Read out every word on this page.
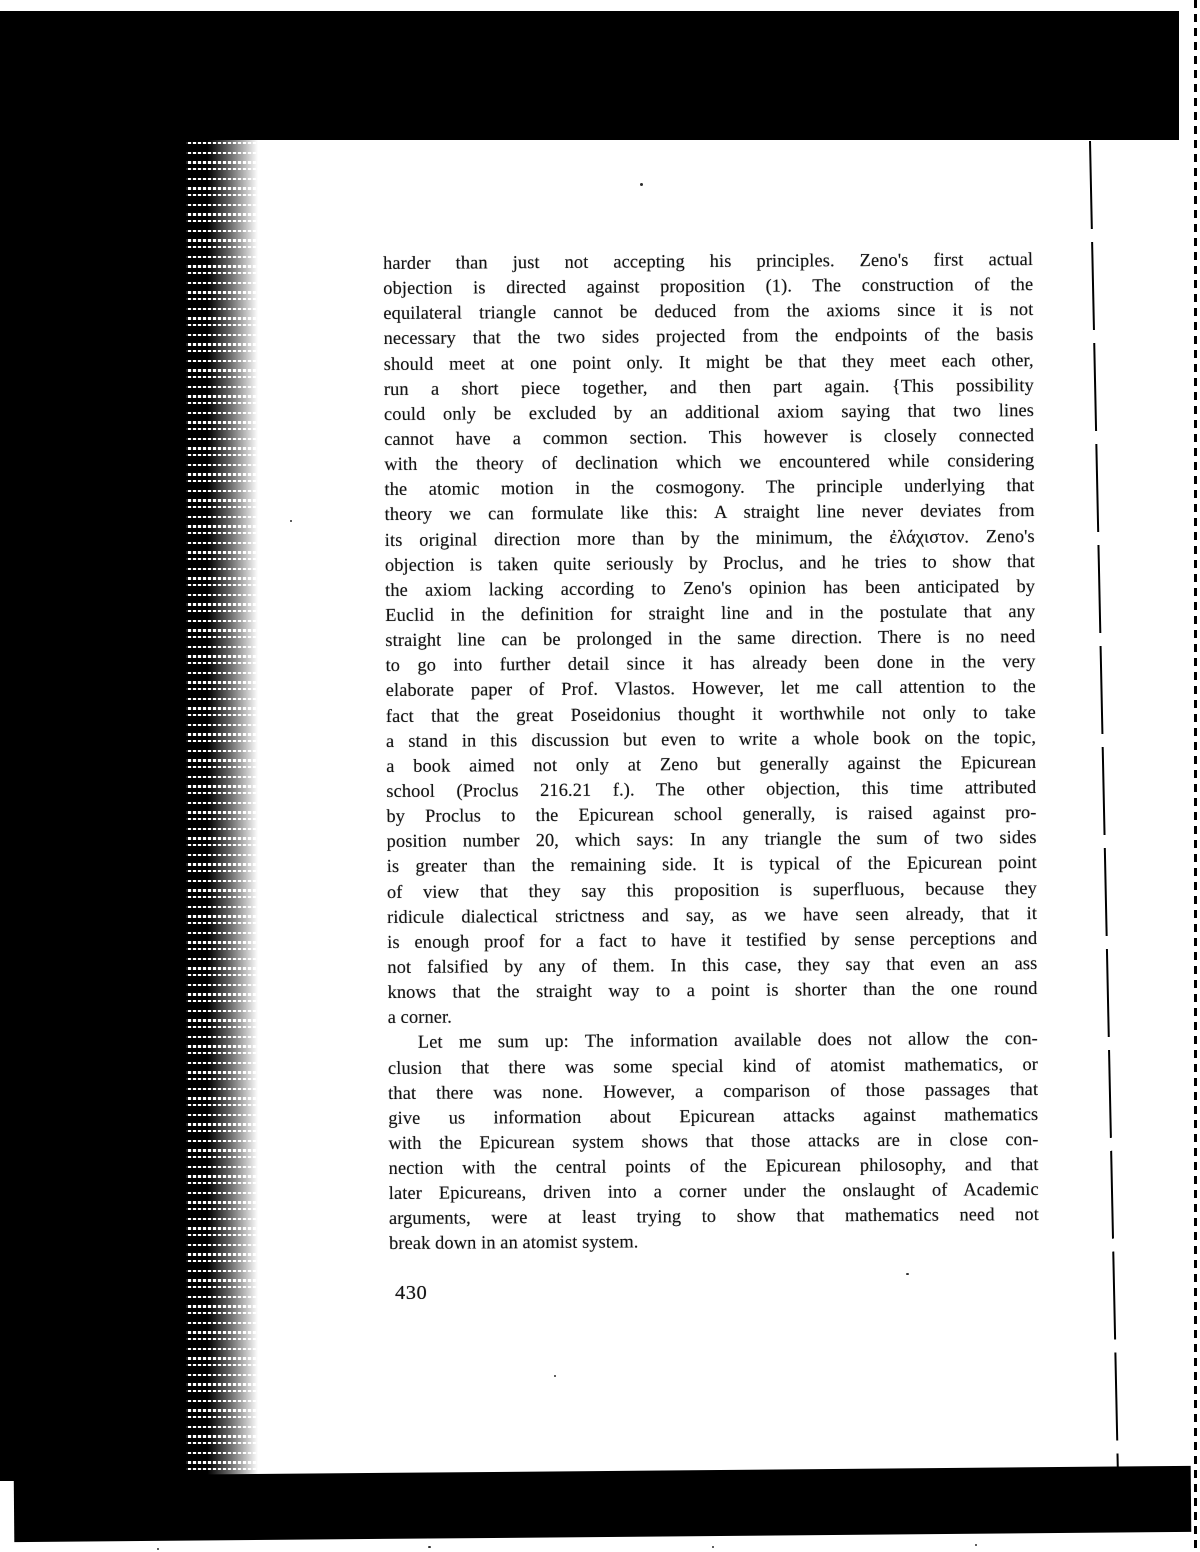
harder than just not accepting his principles. Zeno's first actual
objection is directed against proposition (1). The construction of the
equilateral triangle cannot be deduced from the axioms since it is not
necessary that the two sides projected from the endpoints of the basis
should meet at one point only. It might be that they meet each other,
run a short piece together, and then part again. {This possibility
could only be excluded by an additional axiom saying that two lines
cannot have a common section. This however is closely connected
with the theory of declination which we encountered while considering
the atomic motion in the cosmogony. The principle underlying that
theory we can formulate like this: A straight line never deviates from
its original direction more than by the minimum, the ἐλάχιστον. Zeno's
objection is taken quite seriously by Proclus, and he tries to show that
the axiom lacking according to Zeno's opinion has been anticipated by
Euclid in the definition for straight line and in the postulate that any
straight line can be prolonged in the same direction. There is no need
to go into further detail since it has already been done in the very
elaborate paper of Prof. Vlastos. However, let me call attention to the
fact that the great Poseidonius thought it worthwhile not only to take
a stand in this discussion but even to write a whole book on the topic,
a book aimed not only at Zeno but generally against the Epicurean
school (Proclus 216.21 f.). The other objection, this time attributed
by Proclus to the Epicurean school generally, is raised against pro-
position number 20, which says: In any triangle the sum of two sides
is greater than the remaining side. It is typical of the Epicurean point
of view that they say this proposition is superfluous, because they
ridicule dialectical strictness and say, as we have seen already, that it
is enough proof for a fact to have it testified by sense perceptions and
not falsified by any of them. In this case, they say that even an ass
knows that the straight way to a point is shorter than the one round
a corner.
Let me sum up: The information available does not allow the con-
clusion that there was some special kind of atomist mathematics, or
that there was none. However, a comparison of those passages that
give us information about Epicurean attacks against mathematics
with the Epicurean system shows that those attacks are in close con-
nection with the central points of the Epicurean philosophy, and that
later Epicureans, driven into a corner under the onslaught of Academic
arguments, were at least trying to show that mathematics need not
break down in an atomist system.
430
